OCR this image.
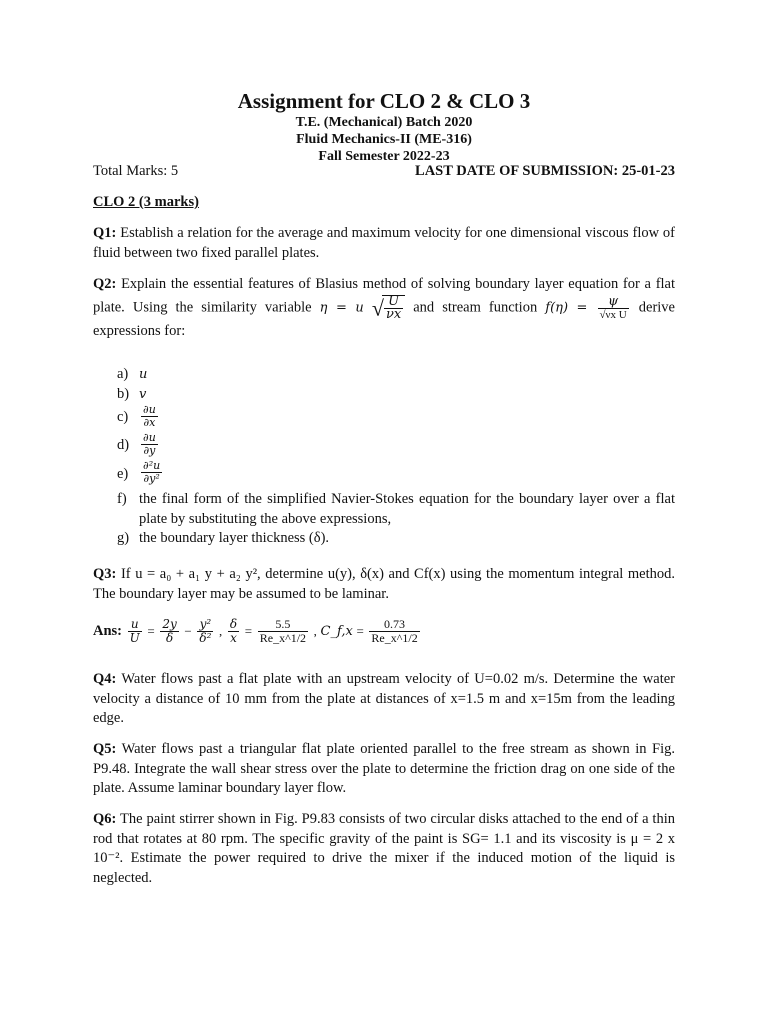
Assignment for CLO 2 & CLO 3
T.E. (Mechanical) Batch 2020
Fluid Mechanics-II (ME-316)
Fall Semester 2022-23
Total Marks: 5	LAST DATE OF SUBMISSION: 25-01-23
CLO 2 (3 marks)
Q1: Establish a relation for the average and maximum velocity for one dimensional viscous flow of fluid between two fixed parallel plates.
Q2: Explain the essential features of Blasius method of solving boundary layer equation for a flat plate. Using the similarity variable η = u √ $\frac{U}{\nu x}$ and stream function $f(\eta) = \frac{\psi}{\text{√νx U}}$ derive expressions for:
a) u
b) v
$c) \frac{\partial u}{\partial x}$
$d) \frac{\partial u}{\partial y}$
$e) \frac{\text{∂²u}}{\text{∂y²}}$
f) the final form of the simplified Navier-Stokes equation for the boundary layer over a flat plate by substituting the above expressions,
g) the boundary layer thickness (δ).
Q3: If u = a₀ + a₁ y + a₂ y², determine u(y), δ(x) and Cf(x) using the momentum integral method. The boundary layer may be assumed to be laminar.
Ans: $\frac{u}{U} = \frac{2y}{\delta} - \frac{\text{y²}}{\text{δ²}}$ , $\frac{\delta}{x} = \frac{5.5}{Re\_x\^{}1/2}$ , C_f,x = $\frac{0.73}{Re\_x\^{}1/2}$
Q4: Water flows past a flat plate with an upstream velocity of U=0.02 m/s. Determine the water velocity a distance of 10 mm from the plate at distances of x=1.5 m and x=15m from the leading edge.
Q5: Water flows past a triangular flat plate oriented parallel to the free stream as shown in Fig. P9.48. Integrate the wall shear stress over the plate to determine the friction drag on one side of the plate. Assume laminar boundary layer flow.
Q6: The paint stirrer shown in Fig. P9.83 consists of two circular disks attached to the end of a thin rod that rotates at 80 rpm. The specific gravity of the paint is SG= 1.1 and its viscosity is μ = 2 x 10⁻². Estimate the power required to drive the mixer if the induced motion of the liquid is neglected.
